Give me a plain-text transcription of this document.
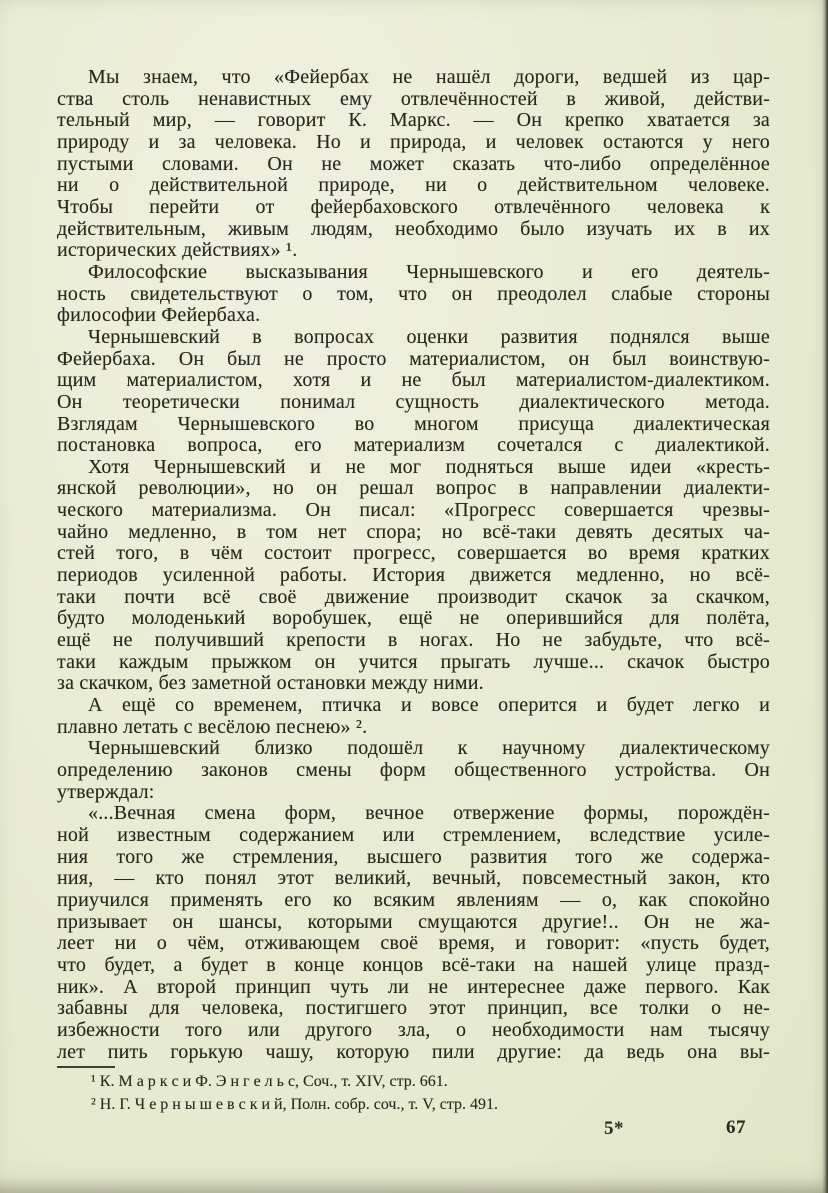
Мы знаем, что «Фейербах не нашёл дороги, ведшей из цар-
ства столь ненавистных ему отвлечённостей в живой, действи-
тельный мир, — говорит К. Маркс. — Он крепко хватается за
природу и за человека. Но и природа, и человек остаются у него
пустыми словами. Он не может сказать что-либо определённое
ни о действительной природе, ни о действительном человеке.
Чтобы перейти от фейербаховского отвлечённого человека к
действительным, живым людям, необходимо было изучать их в их
исторических действиях» ¹.
Философские высказывания Чернышевского и его деятель-
ность свидетельствуют о том, что он преодолел слабые стороны
философии Фейербаха.
Чернышевский в вопросах оценки развития поднялся выше
Фейербаха. Он был не просто материалистом, он был воинствую-
щим материалистом, хотя и не был материалистом-диалектиком.
Он теоретически понимал сущность диалектического метода.
Взглядам Чернышевского во многом присуща диалектическая
постановка вопроса, его материализм сочетался с диалектикой.
Хотя Чернышевский и не мог подняться выше идеи «кресть-
янской революции», но он решал вопрос в направлении диалекти-
ческого материализма. Он писал: «Прогресс совершается чрезвы-
чайно медленно, в том нет спора; но всё-таки девять десятых ча-
стей того, в чём состоит прогресс, совершается во время кратких
периодов усиленной работы. История движется медленно, но всё-
таки почти всё своё движение производит скачок за скачком,
будто молоденький воробушек, ещё не оперившийся для полёта,
ещё не получивший крепости в ногах. Но не забудьте, что всё-
таки каждым прыжком он учится прыгать лучше... скачок быстро
за скачком, без заметной остановки между ними.
А ещё со временем, птичка и вовсе оперится и будет легко и
плавно летать с весёлою песнею» ².
Чернышевский близко подошёл к научному диалектическому
определению законов смены форм общественного устройства. Он
утверждал:
«...Вечная смена форм, вечное отвержение формы, порождён-
ной известным содержанием или стремлением, вследствие усиле-
ния того же стремления, высшего развития того же содержа-
ния, — кто понял этот великий, вечный, повсеместный закон, кто
приучился применять его ко всяким явлениям — о, как спокойно
призывает он шансы, которыми смущаются другие!.. Он не жа-
леет ни о чём, отживающем своё время, и говорит: «пусть будет,
что будет, а будет в конце концов всё-таки на нашей улице празд-
ник». А второй принцип чуть ли не интереснее даже первого. Как
забавны для человека, постигшего этот принцип, все толки о не-
избежности того или другого зла, о необходимости нам тысячу
лет пить горькую чашу, которую пили другие: да ведь она вы-
¹ К. М а р к с и Ф. Э н г е л ь с, Соч., т. XIV, стр. 661.
² Н. Г. Ч е р н ы ш е в с к и й, Полн. собр. соч., т. V, стр. 491.
5*	67
